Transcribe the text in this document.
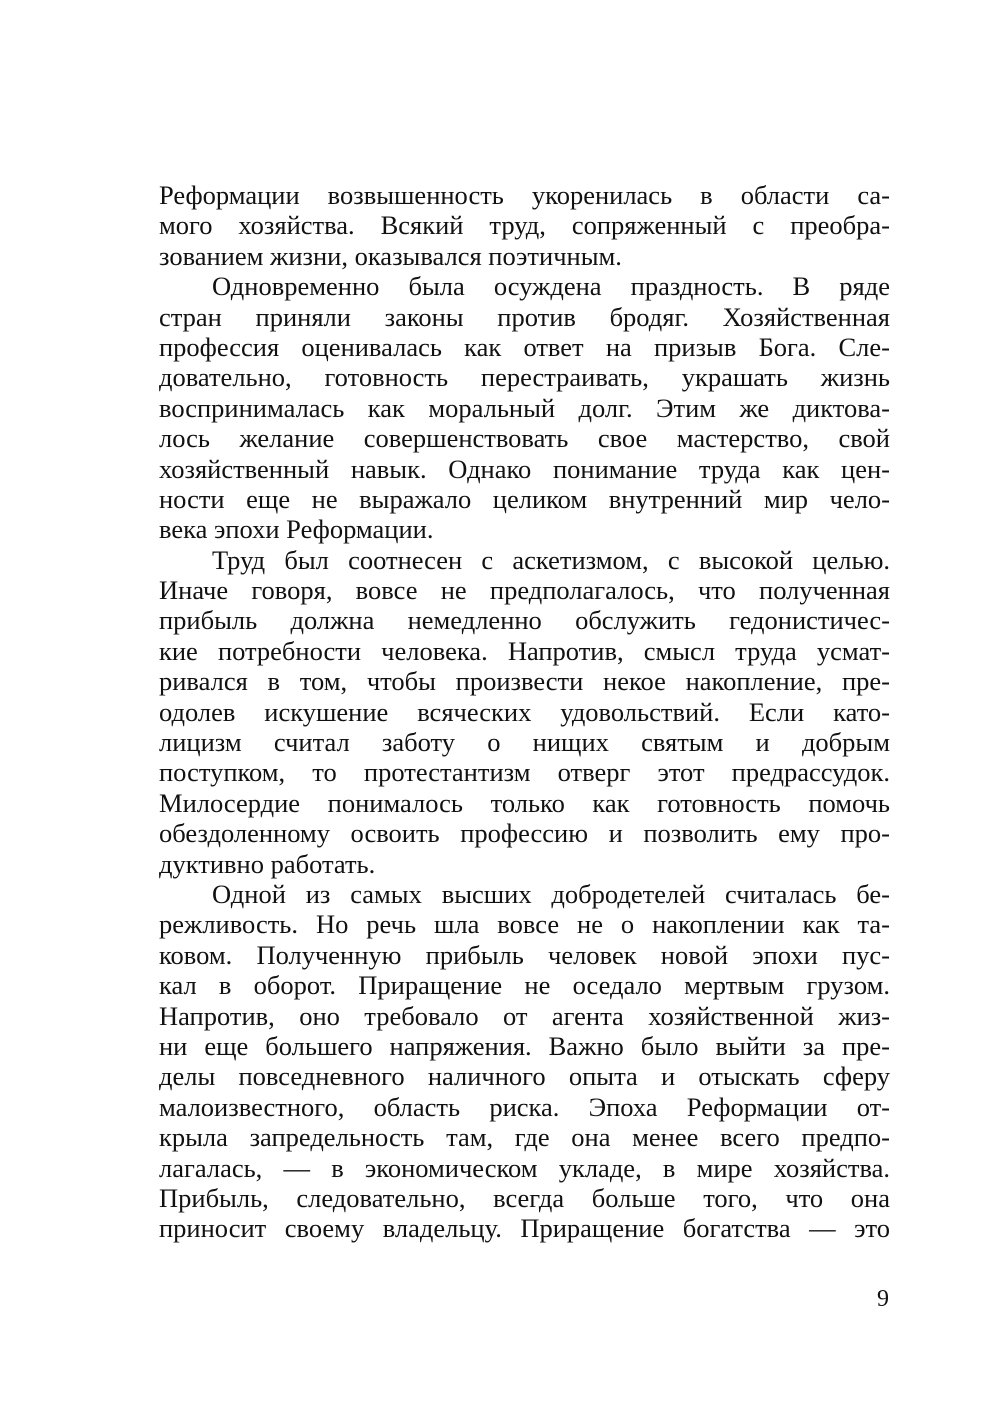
Реформации возвышенность укоренилась в области са-
мого хозяйства. Всякий труд, сопряженный с преобра-
зованием жизни, оказывался поэтичным.
Одновременно была осуждена праздность. В ряде
стран приняли законы против бродяг. Хозяйственная
профессия оценивалась как ответ на призыв Бога. Сле-
довательно, готовность перестраивать, украшать жизнь
воспринималась как моральный долг. Этим же диктова-
лось желание совершенствовать свое мастерство, свой
хозяйственный навык. Однако понимание труда как цен-
ности еще не выражало целиком внутренний мир чело-
века эпохи Реформации.
Труд был соотнесен с аскетизмом, с высокой целью.
Иначе говоря, вовсе не предполагалось, что полученная
прибыль должна немедленно обслужить гедонистичес-
кие потребности человека. Напротив, смысл труда усмат-
ривался в том, чтобы произвести некое накопление, пре-
одолев искушение всяческих удовольствий. Если като-
лицизм считал заботу о нищих святым и добрым
поступком, то протестантизм отверг этот предрассудок.
Милосердие понималось только как готовность помочь
обездоленному освоить профессию и позволить ему про-
дуктивно работать.
Одной из самых высших добродетелей считалась бе-
режливость. Но речь шла вовсе не о накоплении как та-
ковом. Полученную прибыль человек новой эпохи пус-
кал в оборот. Приращение не оседало мертвым грузом.
Напротив, оно требовало от агента хозяйственной жиз-
ни еще большего напряжения. Важно было выйти за пре-
делы повседневного наличного опыта и отыскать сферу
малоизвестного, область риска. Эпоха Реформации от-
крыла запредельность там, где она менее всего предпо-
лагалась, — в экономическом укладе, в мире хозяйства.
Прибыль, следовательно, всегда больше того, что она
приносит своему владельцу. Приращение богатства — это
9
